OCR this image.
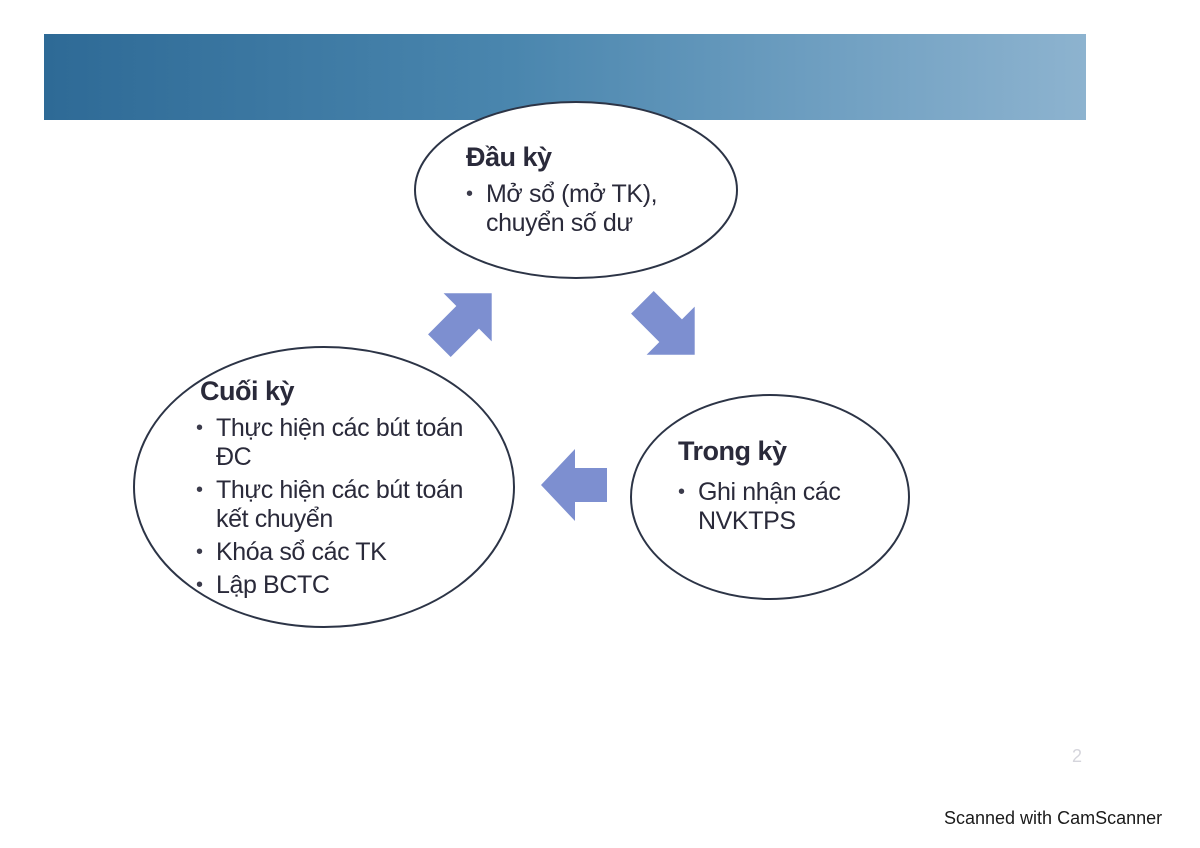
Đầu kỳ
• Mở sổ (mở TK), chuyển số dư
Trong kỳ
• Ghi nhận các NVKTPS
Cuối kỳ
• Thực hiện các bút toán ĐC
• Thực hiện các bút toán kết chuyển
• Khóa sổ các TK
• Lập BCTC
2
Scanned with CamScanner
